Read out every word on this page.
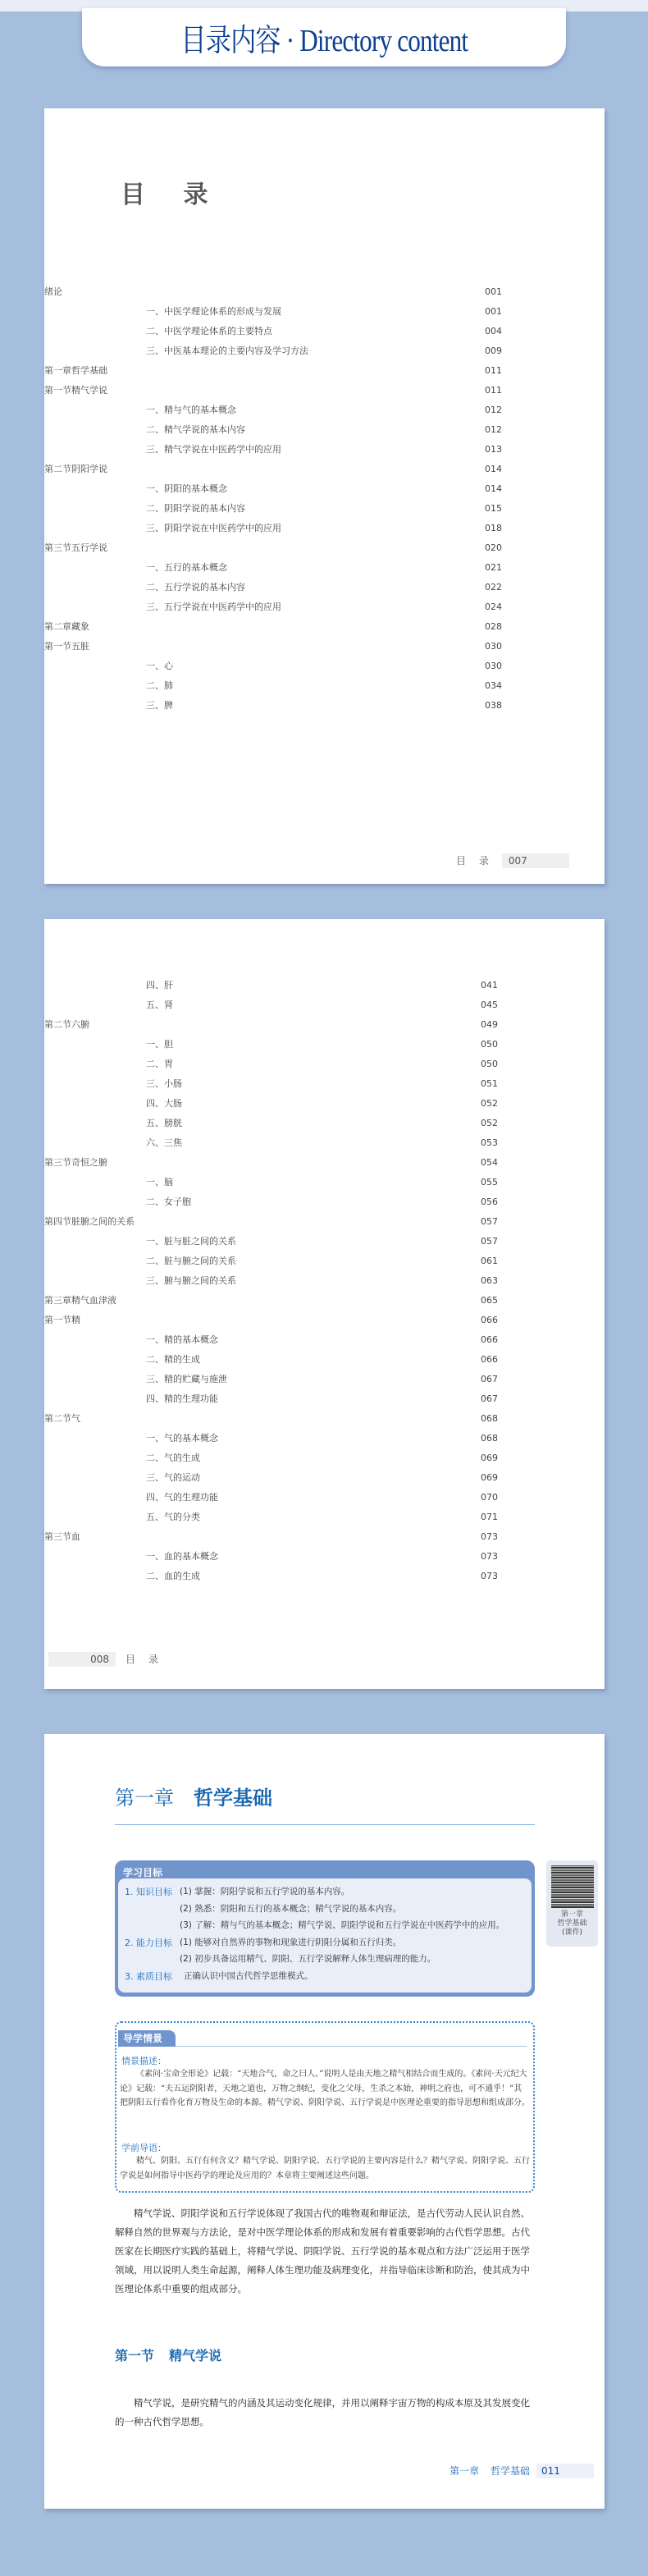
目录内容 · Directory content
目 录
绪论	001
一、中医学理论体系的形成与发展	001
二、中医学理论体系的主要特点	004
三、中医基本理论的主要内容及学习方法	009
第一章哲学基础	011
第一节精气学说	011
一、精与气的基本概念	012
二、精气学说的基本内容	012
三、精气学说在中医药学中的应用	013
第二节阴阳学说	014
一、阴阳的基本概念	014
二、阴阳学说的基本内容	015
三、阴阳学说在中医药学中的应用	018
第三节五行学说	020
一、五行的基本概念	021
二、五行学说的基本内容	022
三、五行学说在中医药学中的应用	024
第二章藏象	028
第一节五脏	030
一、心	030
二、肺	034
三、脾	038
目 录 007
四、肝	041
五、肾	045
第二节六腑	049
一、胆	050
二、胃	050
三、小肠	051
四、大肠	052
五、膀胱	052
六、三焦	053
第三节奇恒之腑	054
一、脑	055
二、女子胞	056
第四节脏腑之间的关系	057
一、脏与脏之间的关系	057
二、脏与腑之间的关系	061
三、腑与腑之间的关系	063
第三章精气血津液	065
第一节精	066
一、精的基本概念	066
二、精的生成	066
三、精的贮藏与施泄	067
四、精的生理功能	067
第二节气	068
一、气的基本概念	068
二、气的生成	069
三、气的运动	069
四、气的生理功能	070
五、气的分类	071
第三节血	073
一、血的基本概念	073
二、血的生成	073
008 目 录
第一章 哲学基础
学习目标
1. 知识目标 (1) 掌握：阴阳学说和五行学说的基本内容。
(2) 熟悉：阴阳和五行的基本概念；精气学说的基本内容。
(3) 了解：精与气的基本概念；精气学说、阴阳学说和五行学说在中医药学中的应用。
2. 能力目标 (1) 能够对自然界的事物和现象进行阴阳分属和五行归类。
(2) 初步具备运用精气、阴阳、五行学说解释人体生理病理的能力。
3. 素质目标 正确认识中国古代哲学思维模式。
第一章
哲学基础
(课件)
导学情景
情景描述：
《素问·宝命全形论》记载：“天地合气，命之曰人。”说明人是由天地之精气相结合而生成的。《素问·天元纪大论》记载：“夫五运阴阳者，天地之道也，万物之纲纪，变化之父母，生杀之本始，神明之府也，可不通乎！”其把阴阳五行看作化育万物及生命的本源。精气学说、阴阳学说、五行学说是中医理论重要的指导思想和组成部分。
学前导语：
精气、阴阳、五行有何含义？精气学说、阴阳学说、五行学说的主要内容是什么？精气学说、阴阳学说、五行学说是如何指导中医药学的理论及应用的？本章将主要阐述这些问题。
精气学说、阴阳学说和五行学说体现了我国古代的唯物观和辩证法，是古代劳动人民认识自然、解释自然的世界观与方法论，是对中医学理论体系的形成和发展有着重要影响的古代哲学思想。古代医家在长期医疗实践的基础上，将精气学说、阴阳学说、五行学说的基本观点和方法广泛运用于医学领域，用以说明人类生命起源，阐释人体生理功能及病理变化，并指导临床诊断和防治，使其成为中医理论体系中重要的组成部分。
第一节 精气学说
精气学说，是研究精气的内涵及其运动变化规律，并用以阐释宇宙万物的构成本原及其发展变化的一种古代哲学思想。
第一章 哲学基础 011
